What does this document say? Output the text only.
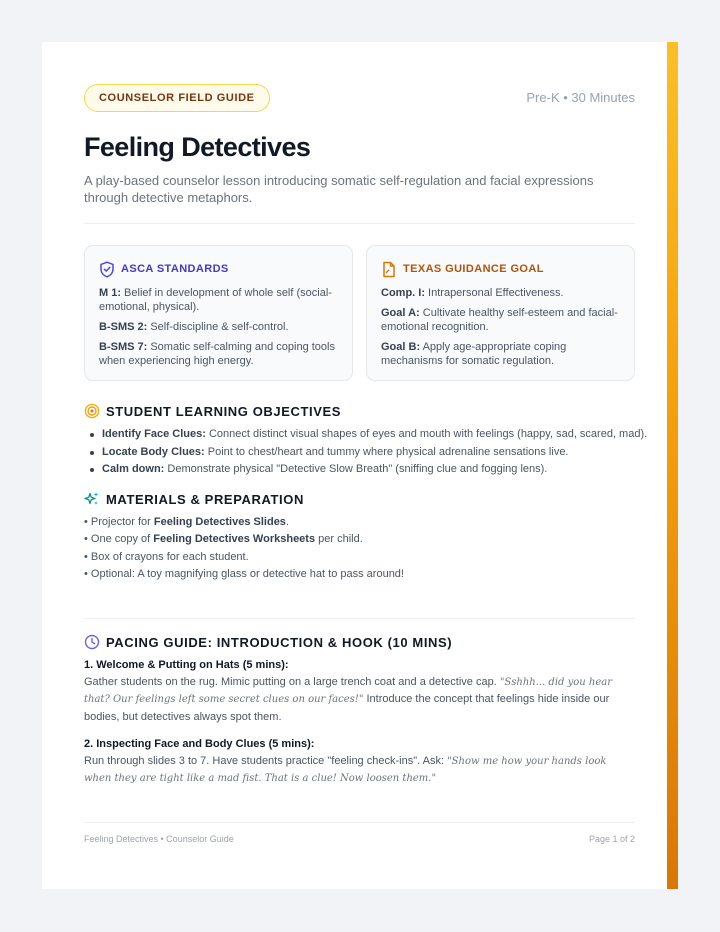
COUNSELOR FIELD GUIDE	Pre-K • 30 Minutes
Feeling Detectives

A play-based counselor lesson introducing somatic self-regulation and facial expressions through detective metaphors.

ASCA STANDARDS
M 1: Belief in development of whole self (social-emotional, physical).
B-SMS 2: Self-discipline & self-control.
B-SMS 7: Somatic self-calming and coping tools when experiencing high energy.
TEXAS GUIDANCE GOAL
Comp. I: Intrapersonal Effectiveness.
Goal A: Cultivate healthy self-esteem and facial-emotional recognition.
Goal B: Apply age-appropriate coping mechanisms for somatic regulation.
STUDENT LEARNING OBJECTIVES
Identify Face Clues: Connect distinct visual shapes of eyes and mouth with feelings (happy, sad, scared, mad).
Locate Body Clues: Point to chest/heart and tummy where physical adrenaline sensations live.
Calm down: Demonstrate physical "Detective Slow Breath" (sniffing clue and fogging lens).
MATERIALS & PREPARATION
• Projector for Feeling Detectives Slides.
• One copy of Feeling Detectives Worksheets per child.
• Box of crayons for each student.
• Optional: A toy magnifying glass or detective hat to pass around!
PACING GUIDE: INTRODUCTION & HOOK (10 MINS)
1. Welcome & Putting on Hats (5 mins):
Gather students on the rug. Mimic putting on a large trench coat and a detective cap. "Sshhh... did you hear that? Our feelings left some secret clues on our faces!" Introduce the concept that feelings hide inside our bodies, but detectives always spot them.
2. Inspecting Face and Body Clues (5 mins):
Run through slides 3 to 7. Have students practice "feeling check-ins". Ask: "Show me how your hands look when they are tight like a mad fist. That is a clue! Now loosen them."
Feeling Detectives • Counselor Guide	Page 1 of 2
